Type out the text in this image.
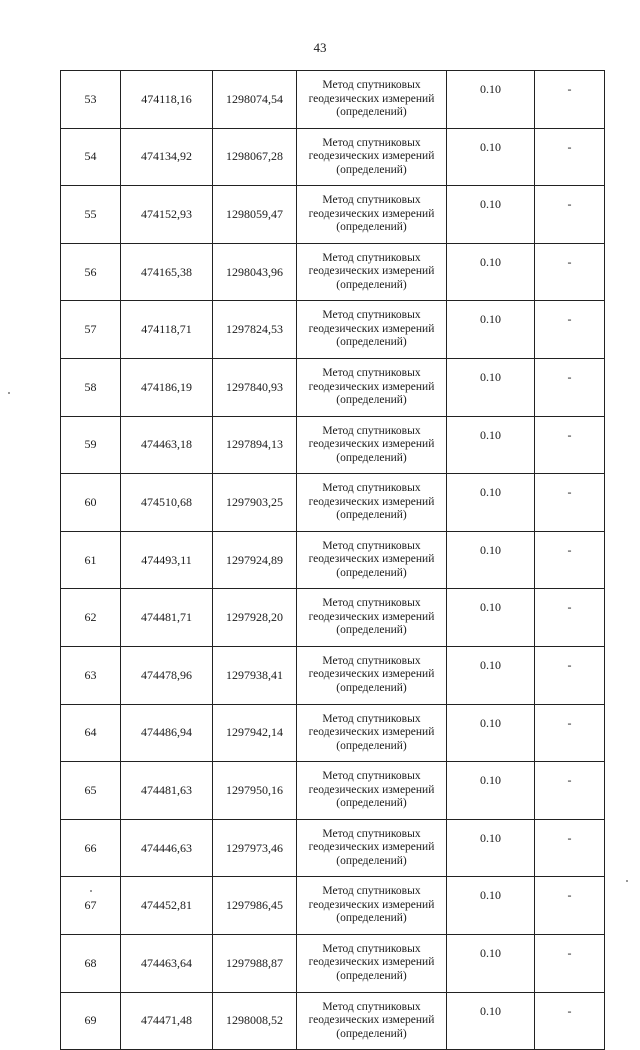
43
53	474118,16	1298074,54	Метод спутниковых
геодезических измерений
(определений)	0.10	-
54	474134,92	1298067,28	Метод спутниковых
геодезических измерений
(определений)	0.10	-
55	474152,93	1298059,47	Метод спутниковых
геодезических измерений
(определений)	0.10	-
56	474165,38	1298043,96	Метод спутниковых
геодезических измерений
(определений)	0.10	-
57	474118,71	1297824,53	Метод спутниковых
геодезических измерений
(определений)	0.10	-
58	474186,19	1297840,93	Метод спутниковых
геодезических измерений
(определений)	0.10	-
59	474463,18	1297894,13	Метод спутниковых
геодезических измерений
(определений)	0.10	-
60	474510,68	1297903,25	Метод спутниковых
геодезических измерений
(определений)	0.10	-
61	474493,11	1297924,89	Метод спутниковых
геодезических измерений
(определений)	0.10	-
62	474481,71	1297928,20	Метод спутниковых
геодезических измерений
(определений)	0.10	-
63	474478,96	1297938,41	Метод спутниковых
геодезических измерений
(определений)	0.10	-
64	474486,94	1297942,14	Метод спутниковых
геодезических измерений
(определений)	0.10	-
65	474481,63	1297950,16	Метод спутниковых
геодезических измерений
(определений)	0.10	-
66	474446,63	1297973,46	Метод спутниковых
геодезических измерений
(определений)	0.10	-
67	474452,81	1297986,45	Метод спутниковых
геодезических измерений
(определений)	0.10	-
68	474463,64	1297988,87	Метод спутниковых
геодезических измерений
(определений)	0.10	-
69	474471,48	1298008,52	Метод спутниковых
геодезических измерений
(определений)	0.10	-
